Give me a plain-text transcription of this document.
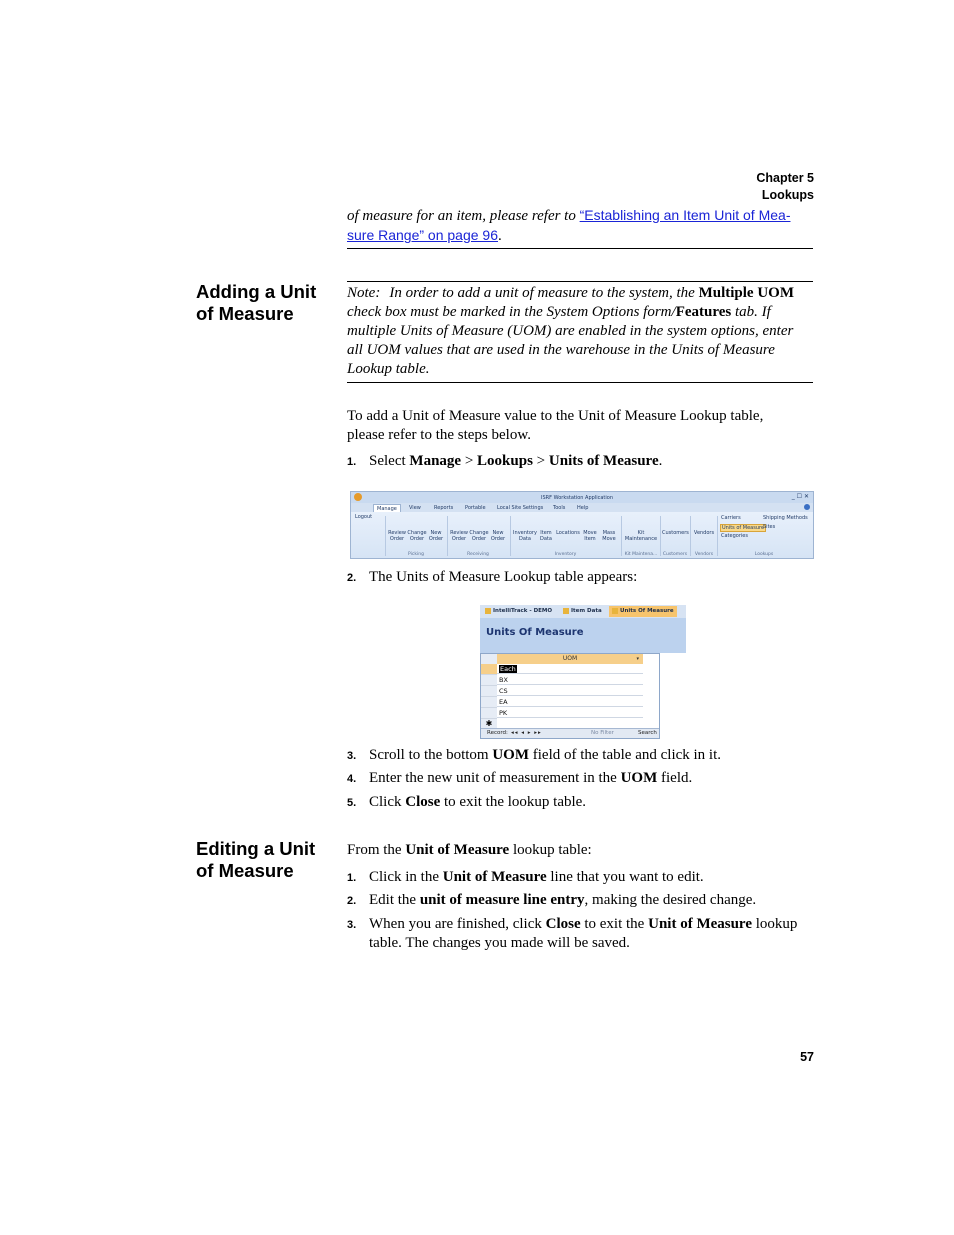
Chapter 5
Lookups
of measure for an item, please refer to “Establishing an Item Unit of Mea-
sure Range” on page 96.
Adding a Unit
of Measure
Note: In order to add a unit of measure to the system, the Multiple UOM
check box must be marked in the System Options form/Features tab. If
multiple Units of Measure (UOM) are enabled in the system options, enter
all UOM values that are used in the warehouse in the Units of Measure
Lookup table.
To add a Unit of Measure value to the Unit of Measure Lookup table,
please refer to the steps below.
1. Select Manage > Lookups > Units of Measure.
ISRF Workstation Application	_ ☐ ✕
Manage	View	Reports	Portable	Local Site Settings	Tools	Help
Logout
Review Order
Change Order
New Order
Picking
Review Order
Change Order
New Order
Receiving
Inventory Data
Item Data
Locations Move Item
Mass Move
Inventory
Kit Maintenance
Kit Maintena...
Customers
Customers
Vendors
Vendors
Carriers	Shipping Methods
Units of Measure
Sites
Categories
Lookups
2. The Units of Measure Lookup table appears:
IntelliTrack - DEMO	Item Data	Units Of Measure
Units Of Measure
UOM	▾
Each
BX
CS
EA
PK
✱
Record: ◂◂ ◂ ▸ ▸▸	No Filter	Search
3. Scroll to the bottom UOM field of the table and click in it.
4. Enter the new unit of measurement in the UOM field.
5. Click Close to exit the lookup table.
Editing a Unit
of Measure
From the Unit of Measure lookup table:
1. Click in the Unit of Measure line that you want to edit.
2. Edit the unit of measure line entry, making the desired change.
3. When you are finished, click Close to exit the Unit of Measure lookup
table. The changes you made will be saved.
57
